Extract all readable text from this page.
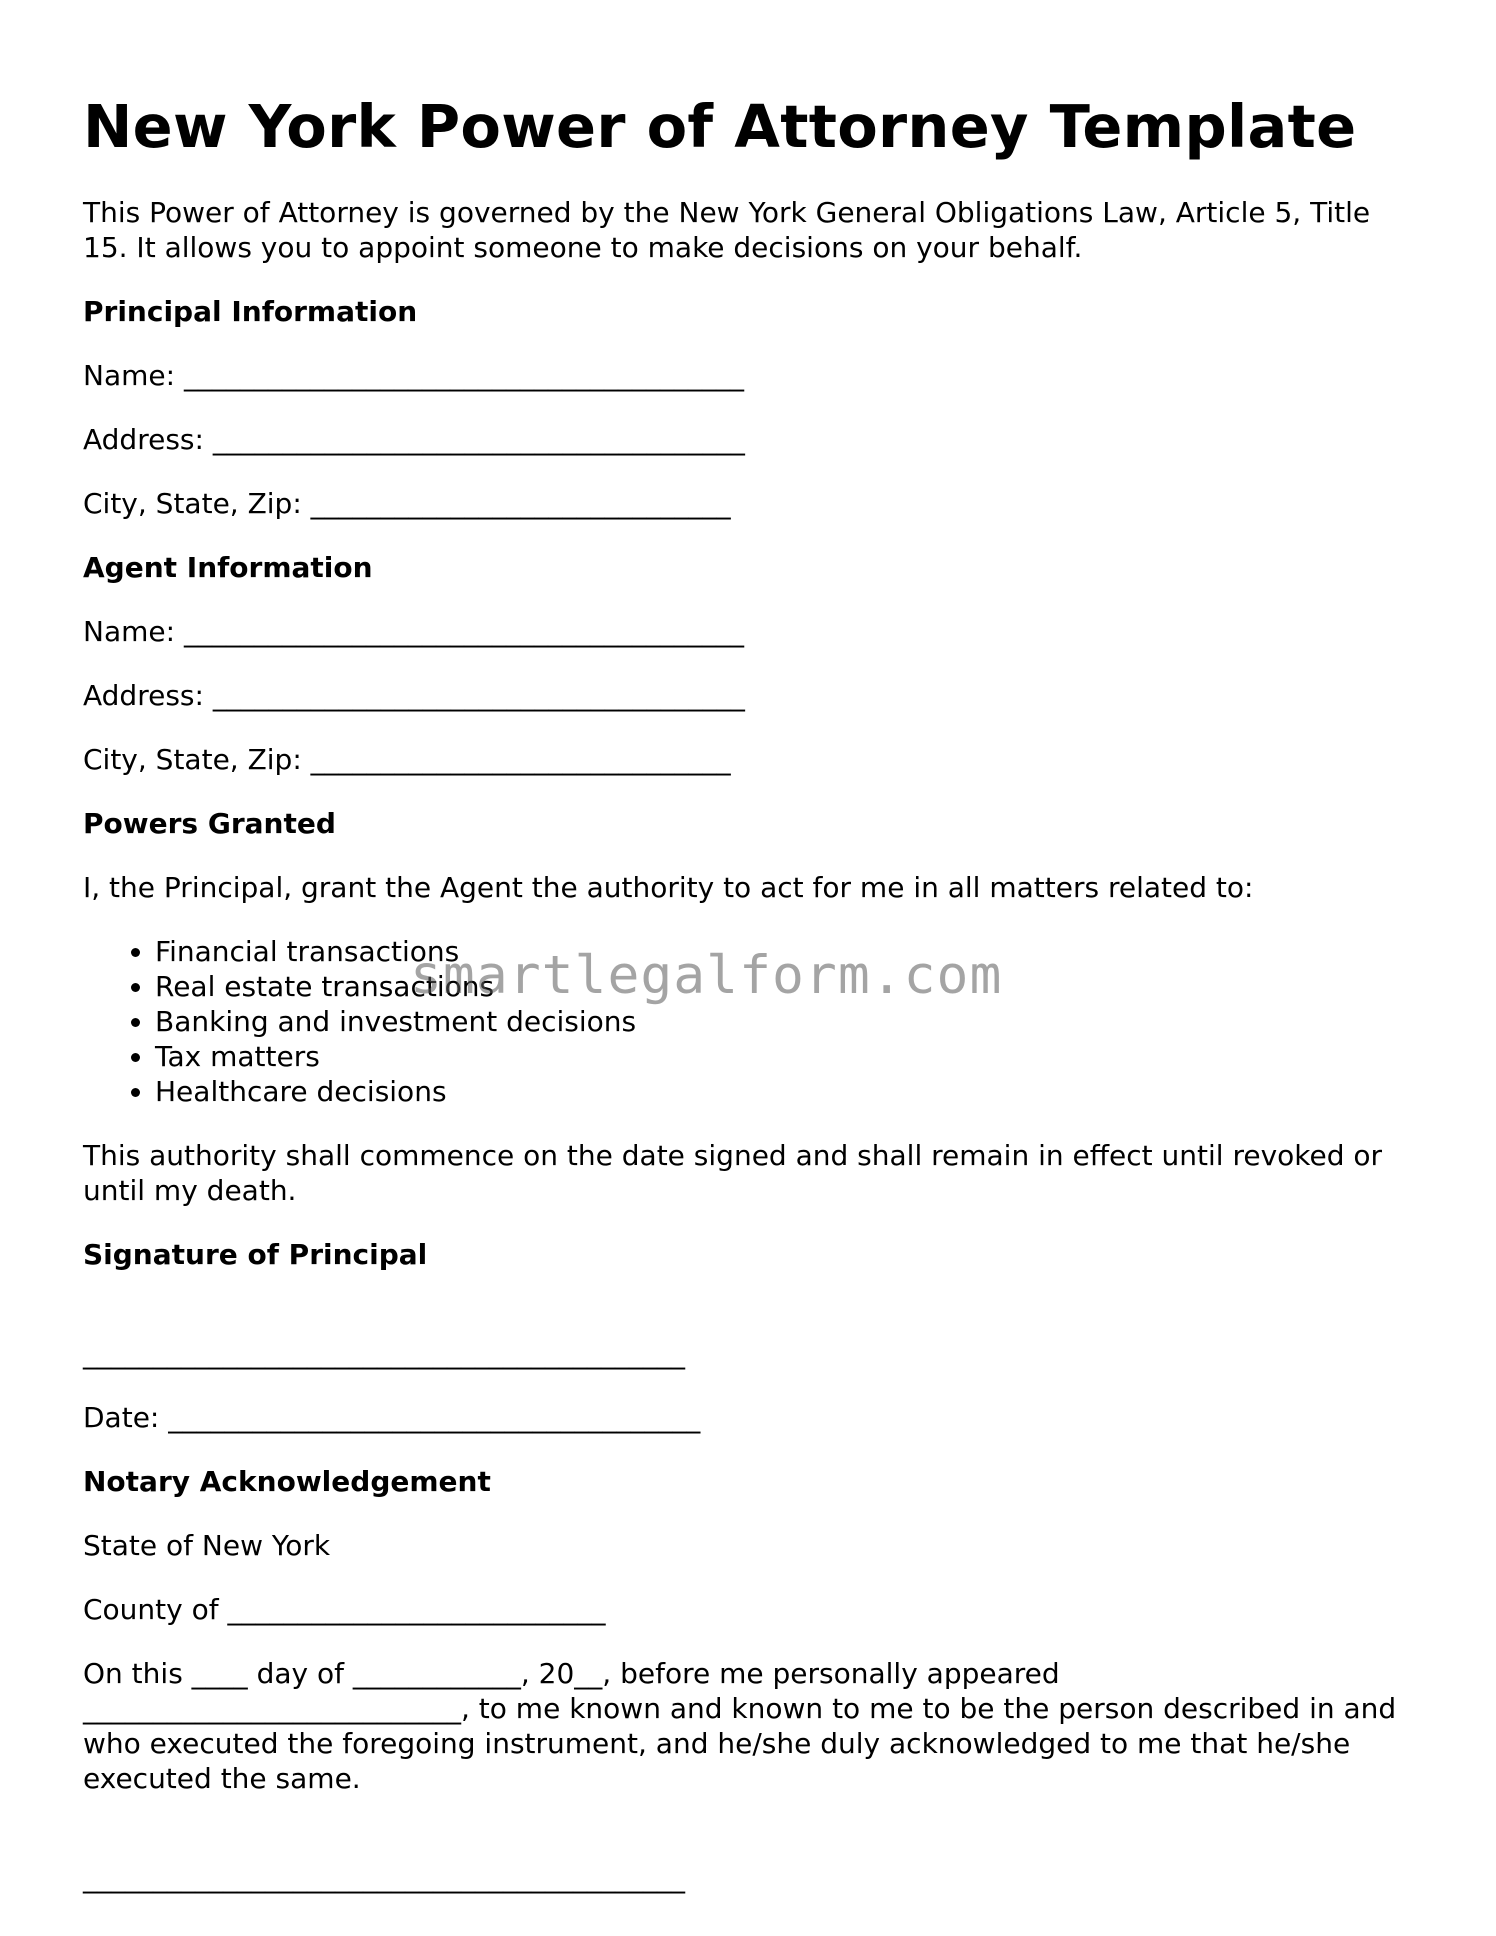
New York Power of Attorney Template

This Power of Attorney is governed by the New York General Obligations Law, Article 5, Title 15. It allows you to appoint someone to make decisions on your behalf.

Principal Information

Name: ________________________________________

Address: ______________________________________

City, State, Zip: ______________________________

Agent Information

Name: ________________________________________

Address: ______________________________________

City, State, Zip: ______________________________

Powers Granted

I, the Principal, grant the Agent the authority to act for me in all matters related to:

• Financial transactions
• Real estate transactions
• Banking and investment decisions
• Tax matters
• Healthcare decisions

This authority shall commence on the date signed and shall remain in effect until revoked or until my death.

Signature of Principal

___________________________________________

Date: ______________________________________

Notary Acknowledgement

State of New York

County of ___________________________

On this ____ day of ____________, 20__, before me personally appeared ___________________________, to me known and known to me to be the person described in and who executed the foregoing instrument, and he/she duly acknowledged to me that he/she executed the same.

___________________________________________

smartlegalform.com
